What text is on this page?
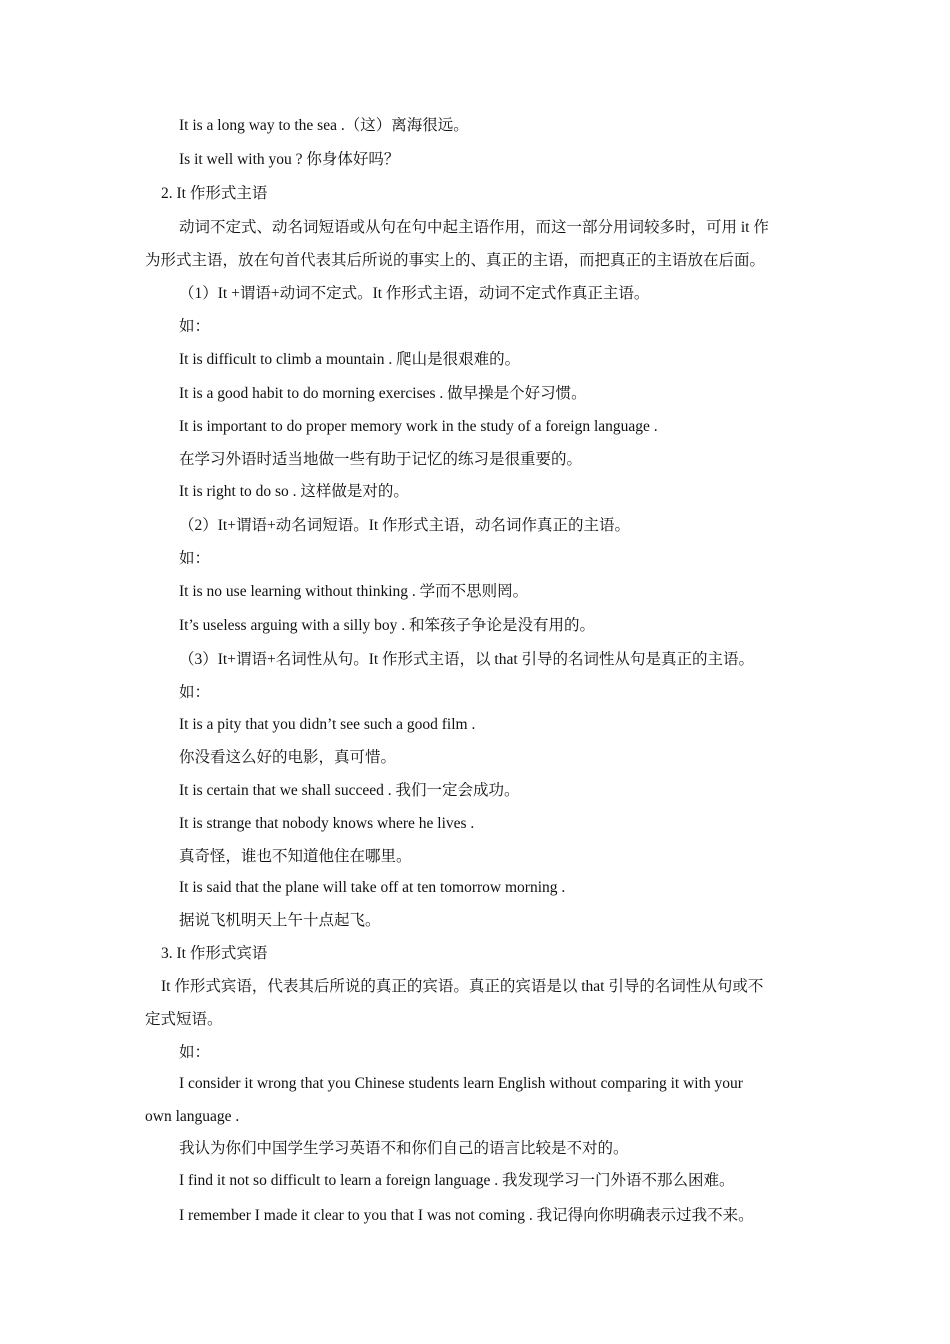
It is a long way to the sea .（这）离海很远。
Is it well with you ? 你身体好吗？
2. It 作形式主语
动词不定式、动名词短语或从句在句中起主语作用，而这一部分用词较多时，可用 it 作
为形式主语，放在句首代表其后所说的事实上的、真正的主语，而把真正的主语放在后面。
（1）It +谓语+动词不定式。It 作形式主语，动词不定式作真正主语。
如：
It is difficult to climb a mountain . 爬山是很艰难的。
It is a good habit to do morning exercises . 做早操是个好习惯。
It is important to do proper memory work in the study of a foreign language .
在学习外语时适当地做一些有助于记忆的练习是很重要的。
It is right to do so . 这样做是对的。
（2）It+谓语+动名词短语。It 作形式主语，动名词作真正的主语。
如：
It is no use learning without thinking . 学而不思则罔。
It’s useless arguing with a silly boy . 和笨孩子争论是没有用的。
（3）It+谓语+名词性从句。It 作形式主语，以 that 引导的名词性从句是真正的主语。
如：
It is a pity that you didn’t see such a good film .
你没看这么好的电影，真可惜。
It is certain that we shall succeed . 我们一定会成功。
It is strange that nobody knows where he lives .
真奇怪，谁也不知道他住在哪里。
It is said that the plane will take off at ten tomorrow morning .
据说飞机明天上午十点起飞。
3. It 作形式宾语
It 作形式宾语，代表其后所说的真正的宾语。真正的宾语是以 that 引导的名词性从句或不
定式短语。
如：
I consider it wrong that you Chinese students learn English without comparing it with your
own language .
我认为你们中国学生学习英语不和你们自己的语言比较是不对的。
I find it not so difficult to learn a foreign language . 我发现学习一门外语不那么困难。
I remember I made it clear to you that I was not coming . 我记得向你明确表示过我不来。
